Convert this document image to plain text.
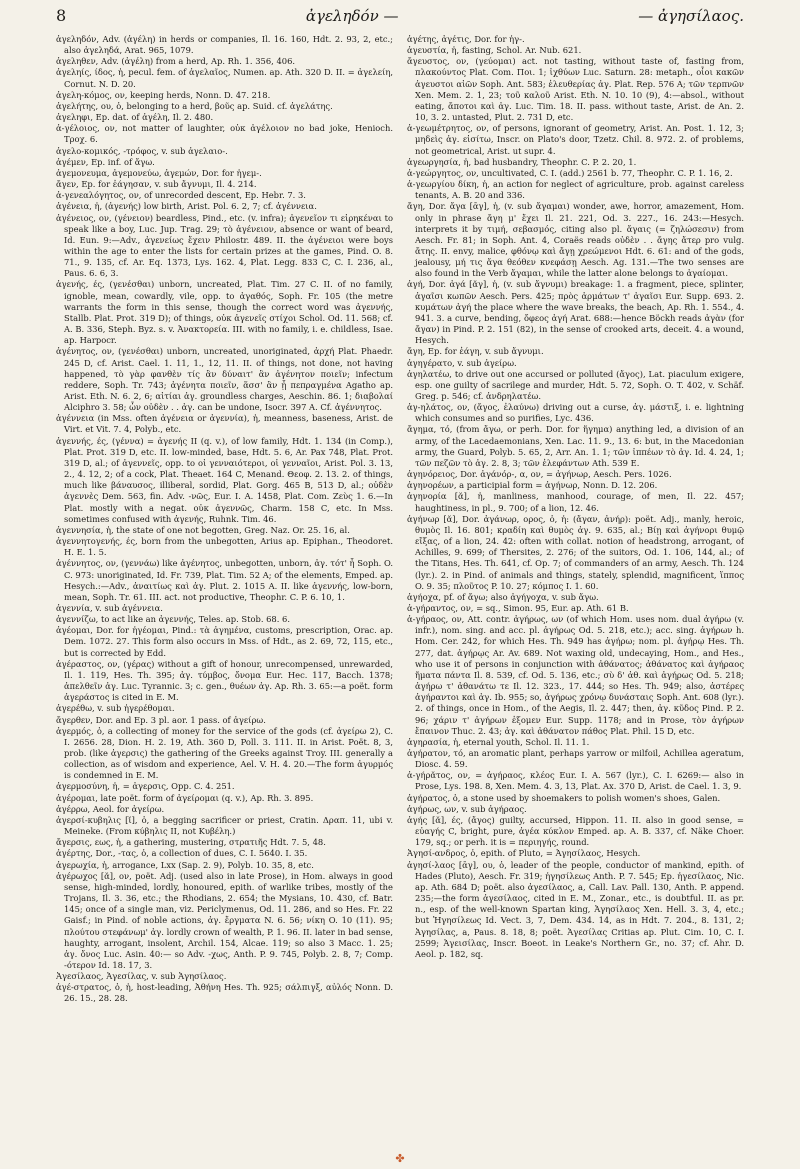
8	ἀγεληδόν —	— ἀγησίλαος.

ἀγεληδόν, Adv. (ἀγέλη) in herds or companies, Il. 16. 160, Hdt. 2. 93, 2, etc.; also ἀγεληδά, Arat. 965, 1079.

ἀγεληθεν, Adv. (ἀγέλη) from a herd, Ap. Rh. 1. 356, 406.

ἀγεληίς, ίδος, ἡ, pecul. fem. of ἀγελαῖος, Numen. ap. Ath. 320 D. II. = ἀγελείη, Cornut. N. D. 20.

ἀγελη-κόμος, ον, keeping herds, Nonn. D. 47. 218.

ἀγελήτης, ου, ὁ, belonging to a herd, βοῦς ap. Suid. cf. ἀγελάτης.

ἀγεληφι, Ep. dat. of ἀγέλη, Il. 2. 480.

ἀ-γέλοιος, ον, not matter of laughter, οὐκ ἀγέλοιον no bad joke, Henioch. Τροχ. 6.

ἀγελο-κομικός, -τρόφος, v. sub ἀγελαιο-.

ἀγέμεν, Ep. inf. of ἄγω.

ἀγεμονευμα, ἀγεμονεύω, ἀγεμών, Dor. for ἡγεμ-.

ἄγεν, Ep. for ἐάγησαν, v. sub ἄγνυμι, Il. 4. 214.

ἀ-γενεαλόγητος, ον, of unrecorded descent, Ep. Hebr. 7. 3.

ἀγένεια, ἡ, (ἀγενής) low birth, Arist. Pol. 6. 2, 7; cf. ἀγέννεια.

ἀγένειος, ον, (γένειον) beardless, Pind., etc. (v. infra); ἀγενεῖον τι εἰρηκέναι to speak like a boy, Luc. Jup. Trag. 29; τὸ ἀγένειον, absence or want of beard, Id. Eun. 9:—Adv., ἀγενείως ἔχειν Philostr. 489. II. the ἀγένειοι were boys within the age to enter the lists for certain prizes at the games, Pind. O. 8. 71., 9. 135, cf. Ar. Eq. 1373, Lys. 162. 4, Plat. Legg. 833 C, C. I. 236, al., Paus. 6. 6, 3.

ἀγενής, ές, (γενέσθαι) unborn, uncreated, Plat. Tim. 27 C. II. of no family, ignoble, mean, cowardly, vile, opp. to ἀγαθός, Soph. Fr. 105 (the metre warrants the form in this sense, though the correct word was ἀγεννής, Stallb. Plat. Prot. 319 D); of things, οὐκ ἀγενεῖς στίχοι Schol. Od. 11. 568; cf. A. B. 336, Steph. Byz. s. v. Ἀνακτορεία. III. with no family, i. e. childless, Isae. ap. Harpocr.

ἀγένητος, ον, (γενέσθαι) unborn, uncreated, unoriginated, ἀρχή Plat. Phaedr. 245 D, cf. Arist. Cael. 1. 11, 1., 12, 11. II. of things, not done, not having happened, τὸ γὰρ φανθὲν τίς ἂν δύναιτ' ἂν ἀγένητον ποιεῖν; infectum reddere, Soph. Tr. 743; ἀγένητα ποιεῖν, ἅσσ' ἂν ᾖ πεπραγμένα Agatho ap. Arist. Eth. N. 6. 2, 6; αἰτίαι ἀγ. groundless charges, Aeschin. 86. 1; διαβολαί Alciphro 3. 58; ὧν οὐδὲν . . ἀγ. can be undone, Isocr. 397 A. Cf. ἀγέννητος.

ἀγέννεια (in Mss. often ἀγένεια or ἀγεννία), ἡ, meanness, baseness, Arist. de Virt. et Vit. 7. 4, Polyb., etc.

ἀγεννής, ές, (γέννα) = ἀγενής II (q. v.), of low family, Hdt. 1. 134 (in Comp.), Plat. Prot. 319 D, etc. II. low-minded, base, Hdt. 5. 6, Ar. Pax 748, Plat. Prot. 319 D, al.; of ἀγεννεῖς, opp. to οἱ γενναιότεροι, οἱ γενναῖοι, Arist. Pol. 3. 13, 2., 4. 12, 2; of a cock, Plat. Theaet. 164 C, Menand. Θεοφ. 2. 13. 2. of things, much like βάναυσος, illiberal, sordid, Plat. Gorg. 465 B, 513 D, al.; οὐδὲν ἀγεννὲς Dem. 563, fin. Adv. -νῶς, Eur. I. A. 1458, Plat. Com. Ζεὺς 1. 6.—In Plat. mostly with a negat. οὐκ ἀγεννῶς, Charm. 158 C, etc. In Mss. sometimes confused with ἀγενής, Ruhnk. Tim. 46.

ἀγεννησία, ἡ, the state of one not begotten, Greg. Naz. Or. 25. 16, al.

ἀγεννητογενής, ές, born from the unbegotten, Arius ap. Epiphan., Theodoret. H. E. 1. 5.

ἀγέννητος, ον, (γεννάω) like ἀγένητος, unbegotten, unborn, ἀγ. τότ' ἦ Soph. O. C. 973: unoriginated, Id. Fr. 739, Plat. Tim. 52 A; of the elements, Emped. ap. Hesych.:—Adv., ἀναιτίως καὶ ἀγ. Plut. 2. 1015 A. II. like ἀγεννής, low-born, mean, Soph. Tr. 61. III. act. not productive, Theophr. C. P. 6. 10, 1.

ἀγεννία, v. sub ἀγέννεια.

ἀγεννίζω, to act like an ἀγεννής, Teles. ap. Stob. 68. 6.

ἀγέομαι, Dor. for ἡγέομαι, Pind.: τὰ ἀγημένα, customs, prescription, Orac. ap. Dem. 1072. 27. This form also occurs in Mss. of Hdt., as 2. 69, 72, 115, etc., but is corrected by Edd.

ἀγέραστος, ον, (γέρας) without a gift of honour, unrecompensed, unrewarded, Il. 1. 119, Hes. Th. 395; ἀγ. τύμβος, ὄνομα Eur. Hec. 117, Bacch. 1378; ἀπελθεῖν ἀγ. Luc. Tyrannic. 3; c. gen., θυέων ἀγ. Ap. Rh. 3. 65:—a poët. form ἀγεράστος is cited in E. M.

ἀγερέθω, v. sub ἠγερέθομαι.

ἄγερθεν, Dor. and Ep. 3 pl. aor. 1 pass. of ἀγείρω.

ἀγερμός, ὁ, a collecting of money for the service of the gods (cf. ἀγείρω 2), C. I. 2656. 28, Dion. H. 2. 19, Ath. 360 D, Poll. 3. 111. II. in Arist. Poët. 8, 3, prob. (like ἀγερσις) the gathering of the Greeks against Troy. III. generally a collection, as of wisdom and experience, Ael. V. H. 4. 20.—The form ἀγυρμός is condemned in E. M.

ἀγερμοσύνη, ἡ, = ἀγερσις, Opp. C. 4. 251.

ἀγέρομαι, late poët. form of ἀγείρομαι (q. v.), Ap. Rh. 3. 895.

ἀγέρρω, Aeol. for ἀγείρω.

ἀγερσί-κυβηλις [ῐ], ὁ, a begging sacrificer or priest, Cratin. Δραπ. 11, ubi v. Meineke. (From κύβηλις II, not Κυβέλη.)

ἄγερσις, εως, ἡ, a gathering, mustering, στρατιῆς Hdt. 7. 5, 48.

ἀγέρτης, Dor., -τας, ὁ, a collection of dues, C. I. 5640. I. 35.

ἀγερωχία, ἡ, arrogance, Lxx (Sap. 2. 9), Polyb. 10. 35, 8, etc.

ἀγέρωχος [ᾰ], ον, poët. Adj. (used also in late Prose), in Hom. always in good sense, high-minded, lordly, honoured, epith. of warlike tribes, mostly of the Trojans, Il. 3. 36, etc.; the Rhodians, 2. 654; the Mysians, 10. 430, cf. Batr. 145; once of a single man, viz. Periclymenus, Od. 11. 286, and so Hes. Fr. 22 Gaisf.; in Pind. of noble actions, ἀγ. ἔργματα N. 6. 56; νίκη O. 10 (11). 95; πλούτου στεφάνωμ' ἀγ. lordly crown of wealth, P. 1. 96. II. later in bad sense, haughty, arrogant, insolent, Archil. 154, Alcae. 119; so also 3 Macc. 1. 25; ἀγ. ὄνος Luc. Asin. 40:— so Adv. -χως, Anth. P. 9. 745, Polyb. 2. 8, 7; Comp. -ότερον Id. 18. 17, 3.

Ἀγεσίλαος, Ἀγεσίλας, v. sub Ἀγησίλαος.

ἀγέ-στρατος, ὁ, ἡ, host-leading, Ἀθήνη Hes. Th. 925; σάλπιγξ, αὐλός Nonn. D. 26. 15., 28. 28.

ἀγέτης, ἀγέτις, Dor. for ἡγ-.

ἀγευστία, ἡ, fasting, Schol. Ar. Nub. 621.

ἄγευστος, ον, (γεύομαι) act. not tasting, without taste of, fasting from, πλακούντος Plat. Com. Ποι. 1; ἰχθύων Luc. Saturn. 28: metaph., οἷοι κακῶν ἀγευστοι αἰῶν Soph. Ant. 583; ἐλευθερίας ἀγ. Plat. Rep. 576 A; τῶν τερπνῶν Xen. Mem. 2. 1, 23; τοῦ καλοῦ Arist. Eth. N. 10. 10 (9), 4:—absol., without eating, ἄποτοι καὶ ἀγ. Luc. Tim. 18. II. pass. without taste, Arist. de An. 2. 10, 3. 2. untasted, Plut. 2. 731 D, etc.

ἀ-γεωμέτρητος, ον, of persons, ignorant of geometry, Arist. An. Post. 1. 12, 3; μηδεὶς ἀγ. εἰσίτω, Inscr. on Plato's door, Tzetz. Chil. 8. 972. 2. of problems, not geometrical, Arist. ut supr. 4.

ἀγεωργησία, ἡ, bad husbandry, Theophr. C. P. 2. 20, 1.

ἀ-γεώργητος, ον, uncultivated, C. I. (add.) 2561 b. 77, Theophr. C. P. 1. 16, 2.

ἀ-γεωργίου δίκη, ἡ, an action for neglect of agriculture, prob. against careless tenants, A. B. 20 and 336.

ἄγη, Dor. ἄγα [ᾱγ], ἡ, (v. sub ἄγαμαι) wonder, awe, horror, amazement, Hom. only in phrase ἄγη μ' ἔχει Il. 21. 221, Od. 3. 227., 16. 243:—Hesych. interprets it by τιμή, σεβασμός, citing also pl. ἄγαις (= ζηλώσεσιν) from Aesch. Fr. 81; in Soph. Ant. 4, Coraës reads οὐδὲν . . ἄγης ἄτερ pro vulg. ἄτης. II. envy, malice, φθόνῳ καὶ ἄγῃ χρεώμενοι Hdt. 6. 61: and of the gods, jealousy, μή τις ἄγα θεόθεν κνεφάσῃ Aesch. Ag. 131.—The two senses are also found in the Verb ἄγαμαι, while the latter alone belongs to ἀγαίομαι.

ἀγή, Dor. ἀγά [ᾰγ], ἡ, (v. sub ἄγνυμι) breakage: 1. a fragment, piece, splinter, ἀγαῖσι κωπῶν Aesch. Pers. 425; πρὸς ἁρμάτων τ' ἀγαῖσι Eur. Supp. 693. 2. κυμάτων ἀγή the place where the wave breaks, the beach, Ap. Rh. 1. 554., 4. 941. 3. a curve, bending, ὄφεος ἀγή Arat. 688:—hence Böckh reads ἀγὰν (for ἄγαν) in Pind. P. 2. 151 (82), in the sense of crooked arts, deceit. 4. a wound, Hesych.

ἄγη, Ep. for ἐάγη, v. sub ἄγνυμι.

ἀγηγέρατο, v. sub ἀγείρω.

ἀγηλατέω, to drive out one accursed or polluted (ἄγος), Lat. piaculum exigere, esp. one guilty of sacrilege and murder, Hdt. 5. 72, Soph. O. T. 402, v. Schäf. Greg. p. 546; cf. ἀνδρηλατέω.

ἀγ-ηλάτος, ον, (ἄγος, ἐλαύνω) driving out a curse, ἀγ. μάστιξ, i. e. lightning which consumes and so purifies, Lyc. 436.

ἄγημα, τό, (from ἄγω, or perh. Dor. for ἥγημα) anything led, a division of an army, of the Lacedaemonians, Xen. Lac. 11. 9., 13. 6: but, in the Macedonian army, the Guard, Polyb. 5. 65, 2, Arr. An. 1. 1; τῶν ἱππέων τὸ ἀγ. Id. 4. 24, 1; τῶν πεζῶν τὸ ἀγ. 2. 8, 3; τῶν ἐλεφάντων Ath. 539 E.

ἀγηνόρειος, Dor. ἀγάνόρ-, α, ον, = ἀγήνωρ, Aesch. Pers. 1026.

ἀγηνορέων, a participial form = ἀγήνωρ, Nonn. D. 12. 206.

ἀγηνορία [ᾰ], ἡ, manliness, manhood, courage, of men, Il. 22. 457; haughtiness, in pl., 9. 700; of a lion, 12. 46.

ἀγήνωρ [ᾰ], Dor. ἀγάνωρ, ορος, ὁ, ἡ: (ἄγαν, ἀνήρ): poët. Adj., manly, heroic, θυμὸς Il. 16. 801; κραδίη καὶ θυμὸς ἀγ. 9. 635, al.; Βίῃ καὶ ἀγήνορι θυμῷ εἴξας, of a lion, 24. 42: often with collat. notion of headstrong, arrogant, of Achilles, 9. 699; of Thersites, 2. 276; of the suitors, Od. 1. 106, 144, al.; of the Titans, Hes. Th. 641, cf. Op. 7; of commanders of an army, Aesch. Th. 124 (lyr.). 2. in Pind. of animals and things, stately, splendid, magnificent, ἵππος O. 9. 35; πλοῦτος P. 10. 27; κόμπος I. 1. 60.

ἀγήοχα, pf. of ἄγω; also ἀγήγοχα, v. sub ἄγω.

ἀ-γήραντος, ον, = sq., Simon. 95, Eur. ap. Ath. 61 B.

ἀ-γήραος, ον, Att. contr. ἀγήρως, ων (of which Hom. uses nom. dual ἀγήρω (v. infr.), nom. sing. and acc. pl. ἀγήρως Od. 5. 218, etc.); acc. sing. ἀγήρων h. Hom. Cer. 242, for which Hes. Th. 949 has ἀγήρω; nom. pl. ἀγήρῳ Hes. Th. 277, dat. ἀγήρῳς Ar. Av. 689. Not waxing old, undecaying, Hom., and Hes., who use it of persons in conjunction with ἀθάνατος; ἀθάνατος καὶ ἀγήραος ἤματα πάντα Il. 8. 539, cf. Od. 5. 136, etc.; σὺ δ' ἀθ. καὶ ἀγήρως Od. 5. 218; ἀγήρω τ' ἀθανάτω τε Il. 12. 323., 17. 444; so Hes. Th. 949; also, ἀστέρες ἀγήραντοι καὶ ἀγ. Ib. 955; so, ἀγήρως χρόνῳ δυνάσταις Soph. Ant. 608 (lyr.). 2. of things, once in Hom., of the Aegis, Il. 2. 447; then, ἀγ. κῦδος Pind. P. 2. 96; χάριν τ' ἀγήρων ἐξομεν Eur. Supp. 1178; and in Prose, τὸν ἀγήρων ἔπαινον Thuc. 2. 43; ἀγ. καὶ ἀθάνατον πάθος Plat. Phil. 15 D, etc.

ἀγηρασία, ἡ, eternal youth, Schol. Il. 11. 1.

ἀγήρατον, τό, an aromatic plant, perhaps yarrow or milfoil, Achillea ageratum, Diosc. 4. 59.

ἀ-γήρᾰτος, ον, = ἀγήραος, κλέος Eur. I. A. 567 (lyr.), C. I. 6269:— also in Prose, Lys. 198. 8, Xen. Mem. 4. 3, 13, Plat. Ax. 370 D, Arist. de Cael. 1. 3, 9.

ἀγήρατος, ὁ, a stone used by shoemakers to polish women's shoes, Galen.

ἀγήρως, ων, v. sub ἀγήραος.

ἀγής [ᾰ], ές, (ἄγος) guilty, accursed, Hippon. 11. II. also in good sense, = εὐαγής C, bright, pure, ἀγέα κύκλον Emped. ap. A. B. 337, cf. Näke Choer. 179, sq.; or perh. it is = περιηγής, round.

Ἀγησί-ανδρος, ὁ, epith. of Pluto, = Ἀγησίλαος, Hesych.

ἀγησί-λαος [ᾱγ], ου, ὁ, leader of the people, conductor of mankind, epith. of Hades (Pluto), Aesch. Fr. 319; ἡγησίλεως Anth. P. 7. 545; Ep. ἡγεσίλαος, Nic. ap. Ath. 684 D; poët. also ἀγεσίλαος, a, Call. Lav. Pall. 130, Anth. P. append. 235;—the form ἀγεσίλαος, cited in E. M., Zonar., etc., is doubtful. II. as pr. n., esp. of the well-known Spartan king, Ἀγησίλαος Xen. Hell. 3. 3, 4, etc.; but Ἡγησίλεως Id. Vect. 3, 7, Dem. 434. 14, as in Hdt. 7. 204., 8. 131, 2; Ἀγησίλας, a, Paus. 8. 18, 8; poët. Ἀγεσίλας Critias ap. Plut. Cim. 10, C. I. 2599; Ἀγεισίλας, Inscr. Boeot. in Leake's Northern Gr., no. 37; cf. Ahr. D. Aeol. p. 182, sq.

✤
